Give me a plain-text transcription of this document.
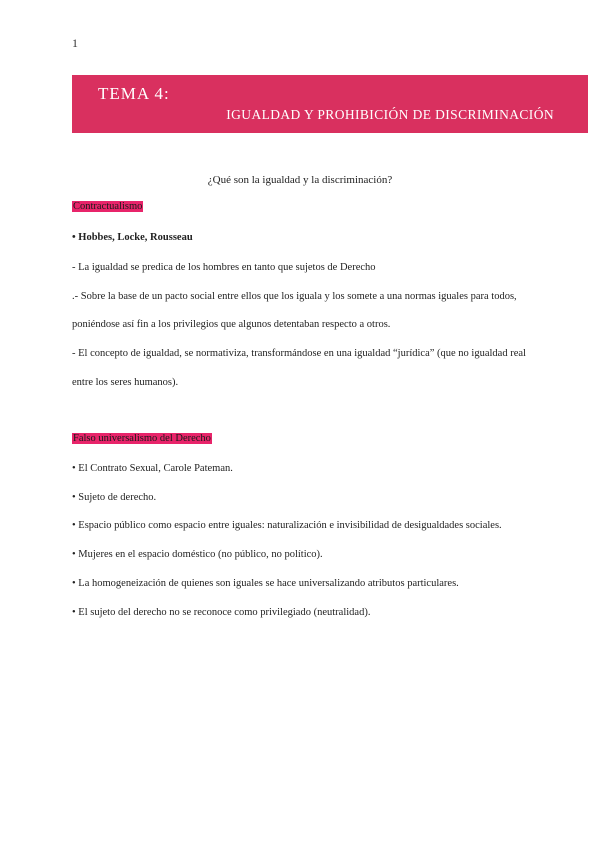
1
TEMA 4:
IGUALDAD Y PROHIBICIÓN DE DISCRIMINACIÓN
¿Qué son la igualdad y la discriminación?
Contractualismo
• Hobbes, Locke, Rousseau
- La igualdad se predica de los hombres en tanto que sujetos de Derecho
.- Sobre la base de un pacto social entre ellos que los iguala y los somete a una normas iguales para todos,
poniéndose así fin a los privilegios que algunos detentaban respecto a otros.
- El concepto de igualdad, se normativiza, transformándose en una igualdad “jurídica” (que no igualdad real
entre los seres humanos).
Falso universalismo del Derecho
• El Contrato Sexual, Carole Pateman.
• Sujeto de derecho.
• Espacio público como espacio entre iguales: naturalización e invisibilidad de desigualdades sociales.
• Mujeres en el espacio doméstico (no público, no político).
• La homogeneización de quienes son iguales se hace universalizando atributos particulares.
• El sujeto del derecho no se reconoce como privilegiado (neutralidad).
